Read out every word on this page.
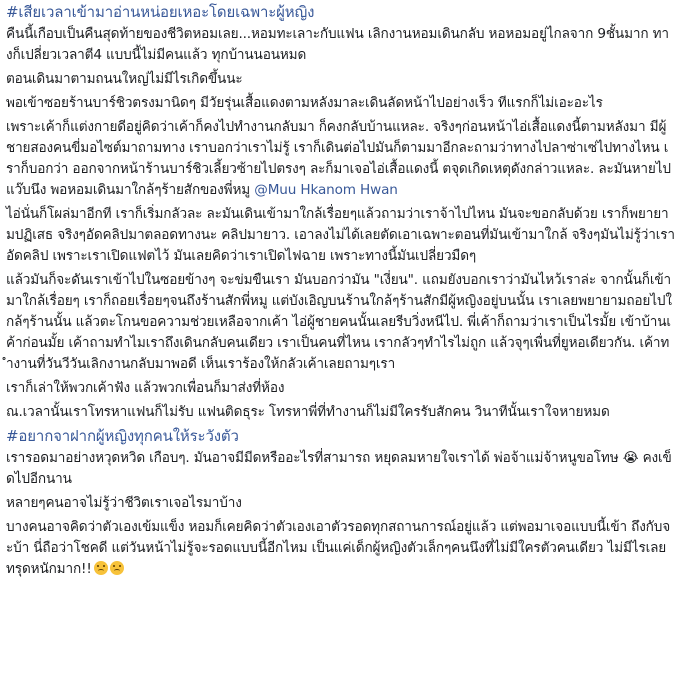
#เสียเวลาเข้ามาอ่านหน่อยเหอะโดยเฉพาะผู้หญิง

คืนนี้เกือบเป็นคืนสุดท้ายของชีวิตหอมเลย...หอมทะเลาะกับแฟน เลิกงานหอมเดินกลับ หอหอมอยู่ไกลจาก 9ชั้นมาก ทางก็เปลี่ยวเวลาตี4 แบบนี้ไม่มีคนแล้ว ทุกบ้านนอนหมด

ตอนเดินมาตามถนนใหญ่ไม่มีไรเกิดขึ้นนะ

พอเข้าซอยร้านบาร์ชิวตรงมานิดๆ มีวัยรุ่นเสื้อแดงตามหลังมาละเดินลัดหน้าไปอย่างเร็ว ทีแรกก็ไม่เอะอะไร

เพราะเค้าก็แต่งกายดีอยู่คิดว่าเค้าก็คงไปทำงานกลับมา ก็คงกลับบ้านแหละ. จริงๆก่อนหน้าไอ่เสื้อแดงนี้ตามหลังมา มีผู้ชายสองคนขี่มอไซต์มาถามทาง เราบอกว่าเราไม่รู้ เราก็เดินต่อไปมันก็ตามมาอีกละถามว่าทางไปลาซ่าเซ่ไปทางไหน เราก็บอกว่า ออกจากหน้าร้านบาร์ชิวเลี้ยวซ้ายไปตรงๆ ละก็มาเจอไอ่เสื้อแดงนี้ ตจุดเกิดเหตุดังกล่าวแหละ. ละมันหายไปแว๊บนึง พอหอมเดินมาใกล้ๆร้ายสักของพี่หมู @Muu Hkanom Hwan

ไอ่นั่นก็โผล่มาอีกที เราก็เริ่มกลัวละ ละมันเดินเข้ามาใกล้เรื่อยๆแล้วถามว่าเราจ้าไปไหน มันจะขอกลับด้วย เราก็พยายามปฏิเสธ จริงๆอัดคลิปมาตลอดทางนะ คลิปมายาว. เอาลงไม่ได้เลยตัดเอาเฉพาะตอนที่มันเข้ามาใกล้ จริงๆมันไม่รู้ว่าเราอัดคลิป เพราะเราเปิดแฟตไว้ มันเลยคิดว่าเราเปิดไฟฉาย เพราะทางนี้มันเปลี่ยวมืดๆ

แล้วมันก็จะดันเราเข้าไปในซอยข้างๆ จะข่มขืนเรา มันบอกว่ามัน "เงี่ยน". แถมยังบอกเราว่ามันไหว้เราล่ะ จากนั้นก็เข้ามาใกล้เรื่อยๆ เราก็ถอยเรื่อยๆจนถึงร้านสักพี่หมู แต่บังเอิญบนร้านใกล้ๆร้านสักมีผู้หญิงอยู่บนนั้น เราเลยพยายามถอยไปใกล้ๆร้านนั้น แล้วตะโกนขอความช่วยเหลือจากเค้า ไอ่ผู้ชายคนนั้นเลยรีบวิ่งหนีไป. พี่เค้าก็ถามว่าเราเป็นไรมั้ย เข้าบ้านเค้าก่อนมั้ย เค้าถามทำไมเราถึงเดินกลับคนเดียว เราเป็นคนที่ไหน เรากลัวๆทำไรไม่ถูก แล้วจุๆเพื่นที่ยูหอเดียวกัน. เค้าทำงานที่วันวีวันเลิกงานกลับมาพอดี เห็นเราร้องให้กลัวเค้าเลยถามๆเรา

เราก็เล่าให้พวกเค้าฟัง แล้วพวกเพื่อนก็มาส่งที่ห้อง

ณ.เวลานั้นเราโทรหาแฟนก็ไม่รับ แฟนติดธุระ โทรหาพี่ที่ทำงานก็ไม่มีใครรับสักคน วินาทีนั้นเราใจหายหมด

#อยากจาฝากผู้หญิงทุกคนให้ระวังตัว

เรารอดมาอย่างหวุดหวิด เกือบๆ. มันอาจมีมีดหรืออะไรที่สามารถ หยุดลมหายใจเราได้ พ่อจ้าแม่จ้าหนูขอโทษ 😭 คงเข็ดไปอีกนาน

หลายๆคนอาจไม่รู้ว่าชีวิตเราเจอไรมาบ้าง

บางคนอาจคิดว่าตัวเองเข้มแข็ง หอมก็เคยคิดว่าตัวเองเอาตัวรอดทุกสถานการณ์อยู่แล้ว แต่พอมาเจอแบบนี้เข้า ถึงกับจะบ้า นี่ถือว่าโชคดี แต่วันหน้าไม่รู้จะรอดแบบนี้อีกไหม เป็นแค่เด็กผู้หญิงตัวเล็กๆคนนึงที่ไม่มีใครตัวคนเดียว ไม่มีไรเลย ทรุดหนักมาก!!
